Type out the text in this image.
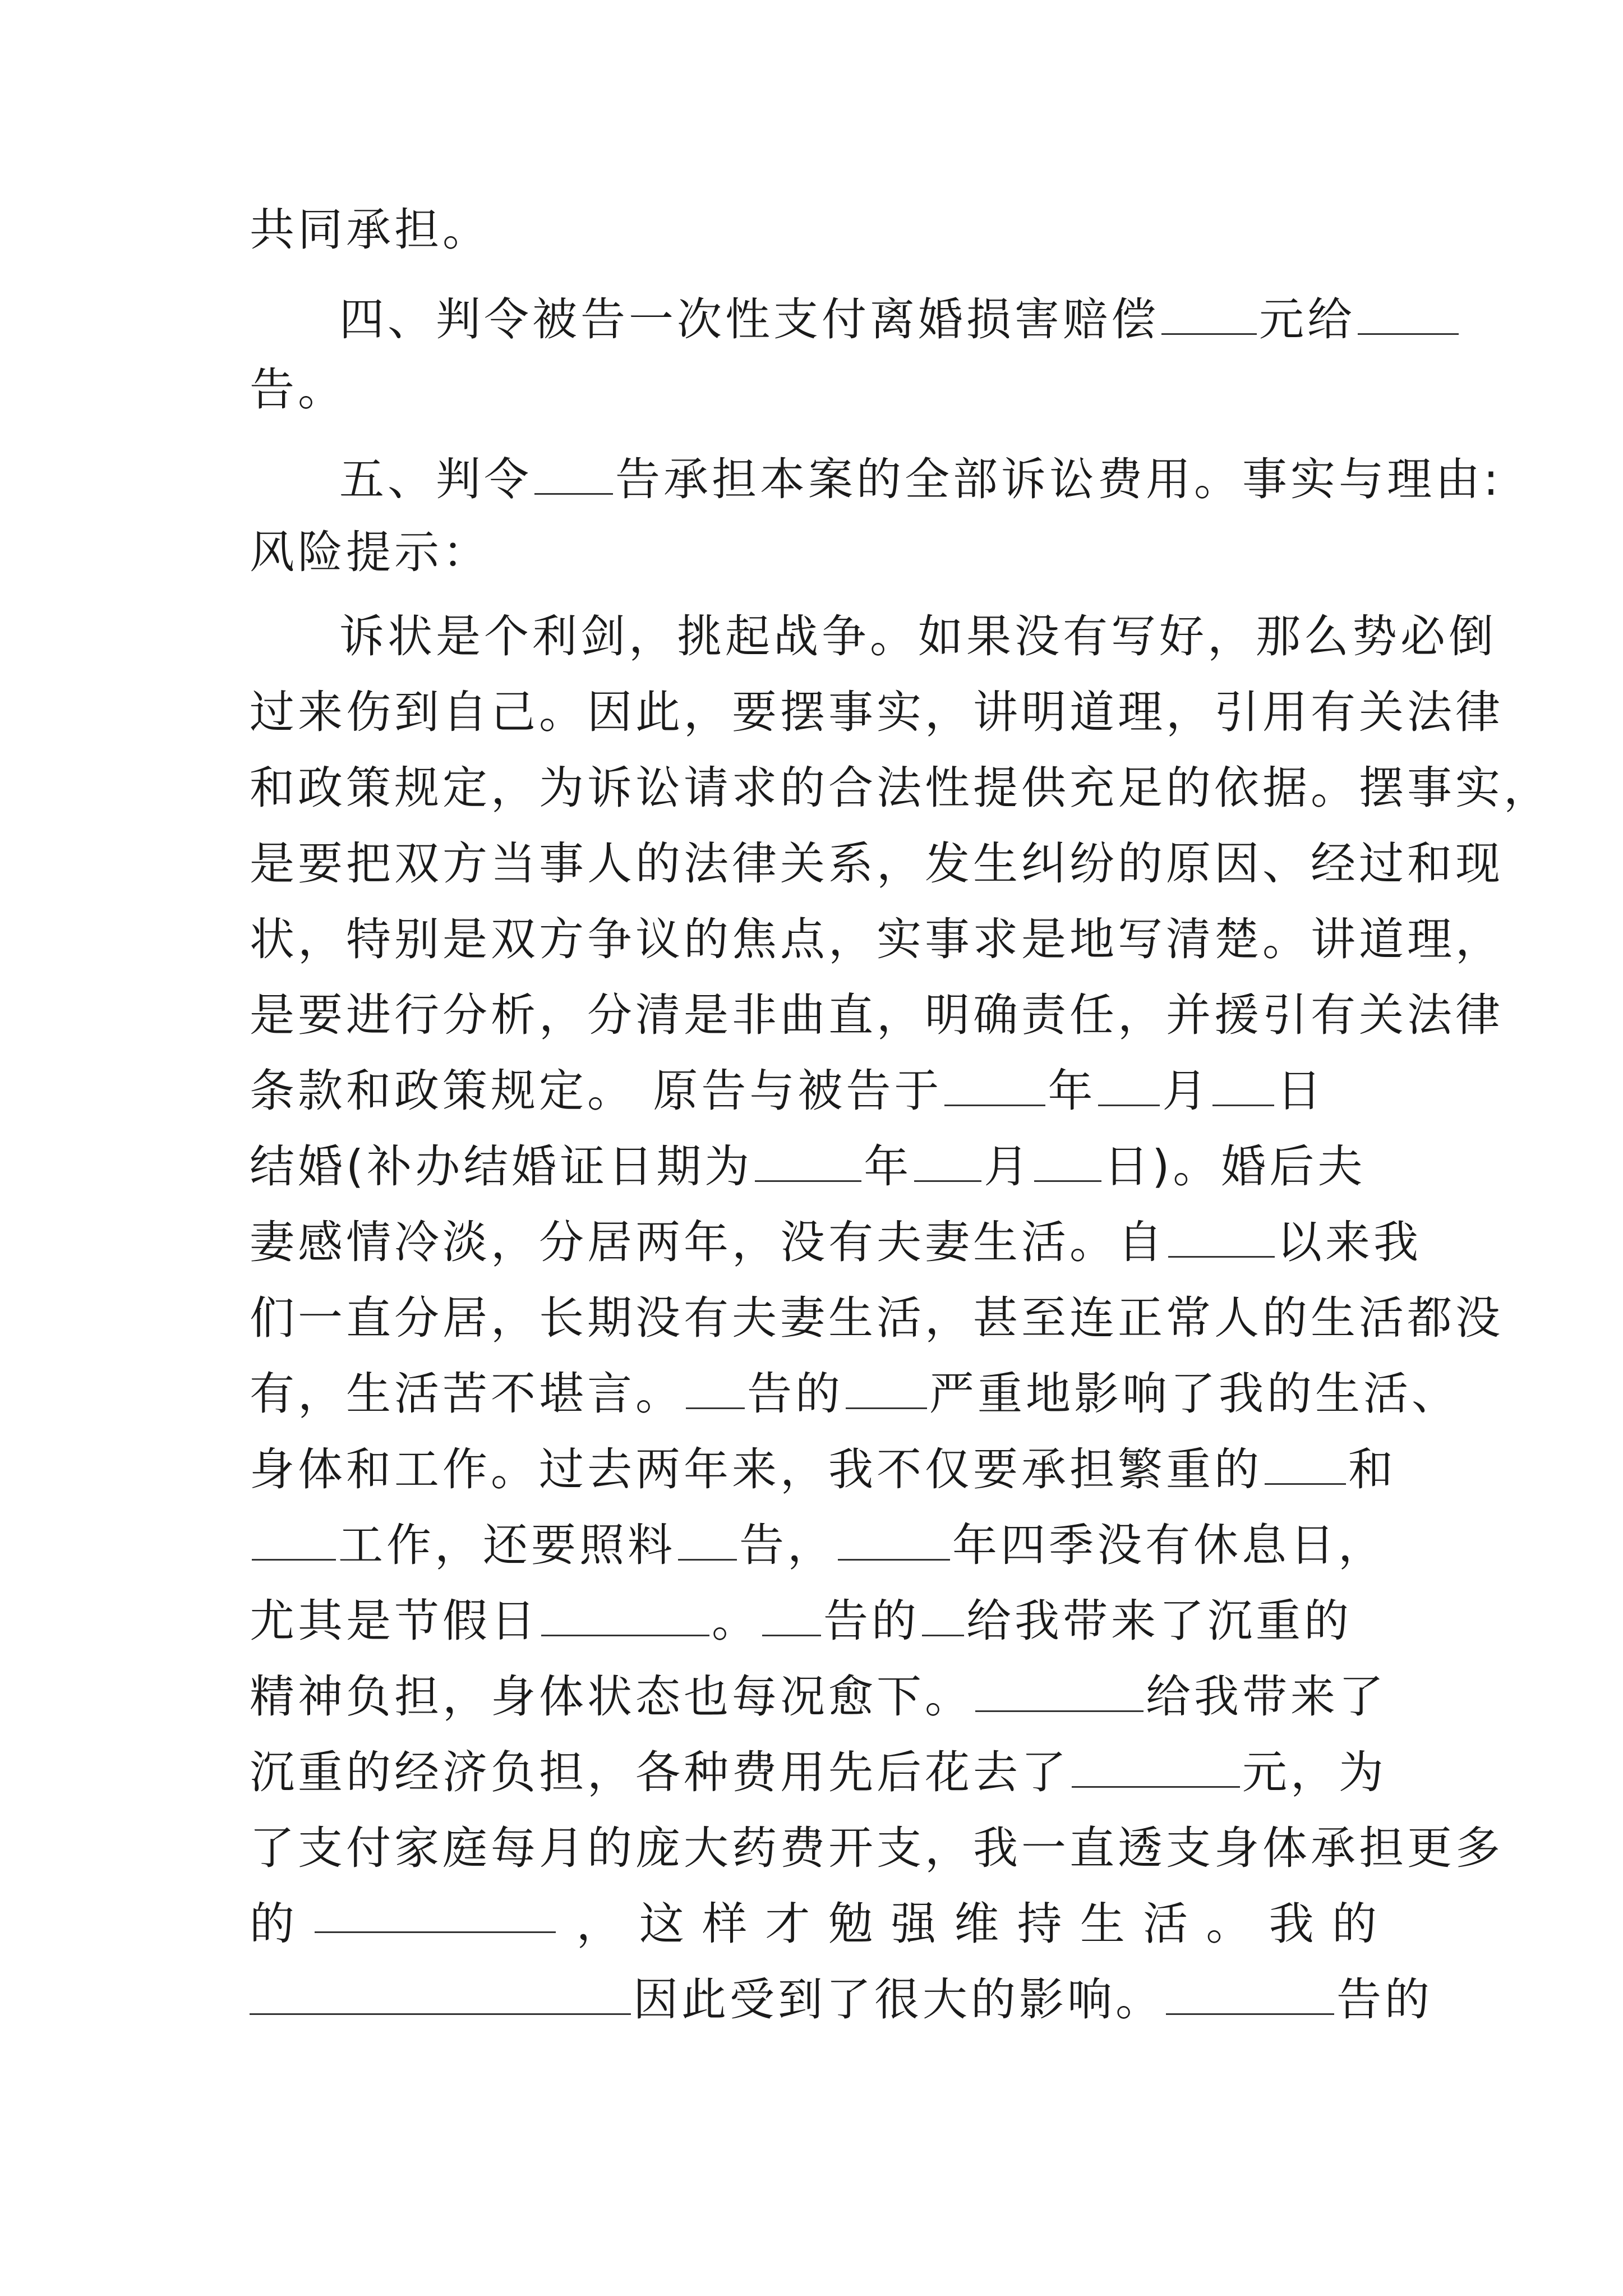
共同承担。
四、判令被告一次性支付离婚损害赔偿 元给
告。
五、判令 告承担本案的全部诉讼费用。事实与理由:
风险提示：
诉状是个利剑，挑起战争。如果没有写好，那么势必倒
过来伤到自己。因此，要摆事实，讲明道理，引用有关法律
和政策规定，为诉讼请求的合法性提供充足的依据。摆事实，
是要把双方当事人的法律关系，发生纠纷的原因、经过和现
状，特别是双方争议的焦点，实事求是地写清楚。讲道理，
是要进行分析，分清是非曲直，明确责任，并援引有关法律
条款和政策规定。 原告与被告于 年 月 日
结婚(补办结婚证日期为 年 月 日)。婚后夫
妻感情冷淡，分居两年，没有夫妻生活。自 以来我
们一直分居，长期没有夫妻生活，甚至连正常人的生活都没
有，生活苦不堪言。 告的 严重地影响了我的生活、
身体和工作。过去两年来，我不仅要承担繁重的 和
工作，还要照料 告，	年四季没有休息日，
尤其是节假日	。 告的 给我带来了沉重的
精神负担，身体状态也每况愈下。	给我带来了
沉重的经济负担，各种费用先后花去了	元，为
了支付家庭每月的庞大药费开支，我一直透支身体承担更多
的	， 这 样 才 勉 强 维 持 生 活 。 我 的
因此受到了很大的影响。	告的
